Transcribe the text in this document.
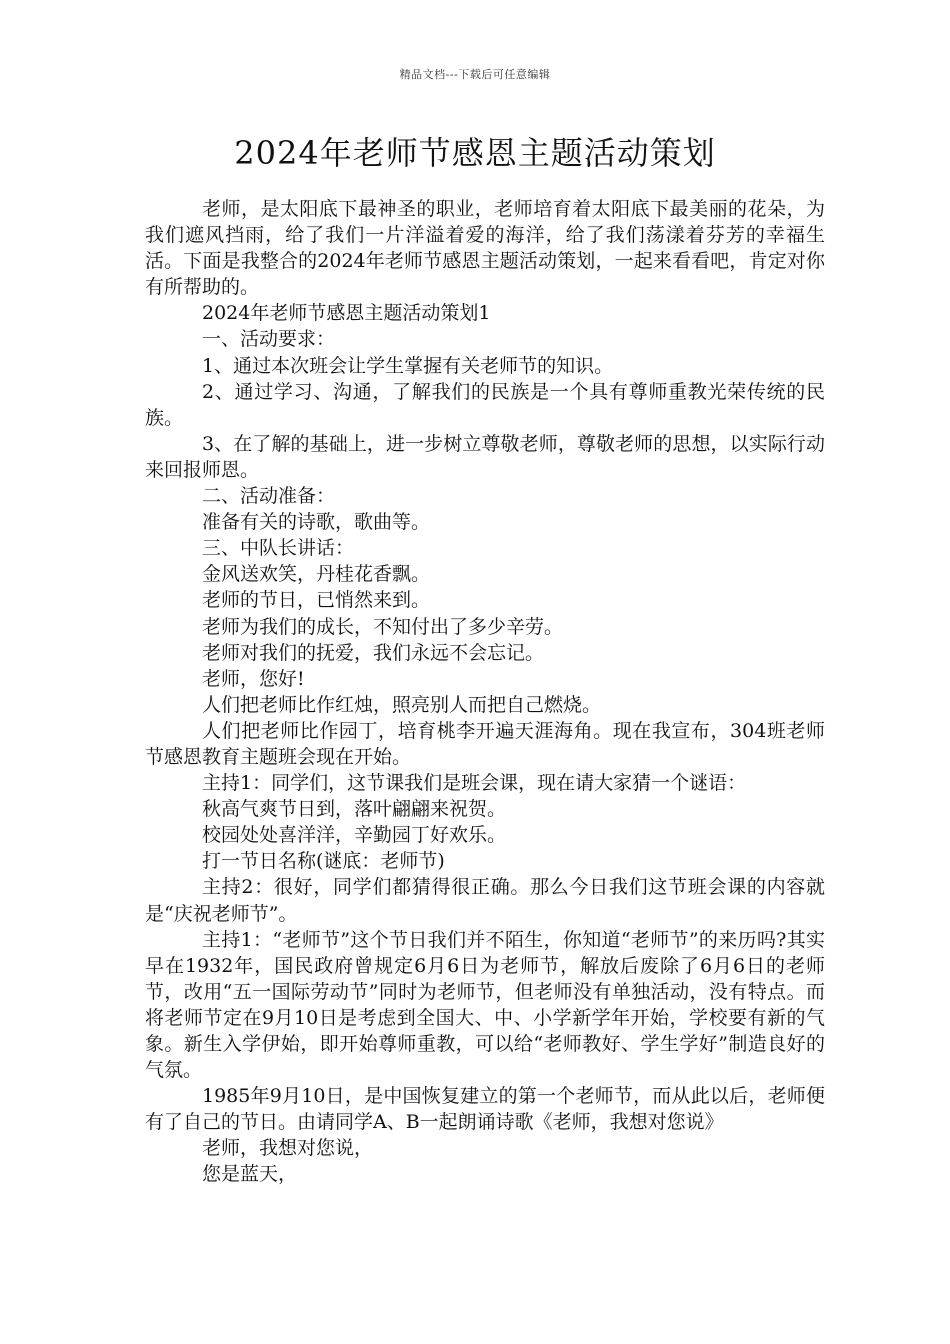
精品文档---下载后可任意编辑
2024年老师节感恩主题活动策划

老师，是太阳底下最神圣的职业，老师培育着太阳底下最美丽的花朵，为我们遮风挡雨，给了我们一片洋溢着爱的海洋，给了我们荡漾着芬芳的幸福生活。下面是我整合的2024年老师节感恩主题活动策划，一起来看看吧，肯定对你有所帮助的。

2024年老师节感恩主题活动策划1

一、活动要求：

1、通过本次班会让学生掌握有关老师节的知识。

2、通过学习、沟通，了解我们的民族是一个具有尊师重教光荣传统的民族。

3、在了解的基础上，进一步树立尊敬老师，尊敬老师的思想，以实际行动来回报师恩。

二、活动准备：

准备有关的诗歌，歌曲等。

三、中队长讲话：

金风送欢笑，丹桂花香飘。

老师的节日，已悄然来到。

老师为我们的成长，不知付出了多少辛劳。

老师对我们的抚爱，我们永远不会忘记。

老师，您好!

人们把老师比作红烛，照亮别人而把自己燃烧。

人们把老师比作园丁，培育桃李开遍天涯海角。现在我宣布，304班老师节感恩教育主题班会现在开始。

主持1：同学们，这节课我们是班会课，现在请大家猜一个谜语：

秋高气爽节日到，落叶翩翩来祝贺。

校园处处喜洋洋，辛勤园丁好欢乐。

打一节日名称(谜底：老师节)

主持2：很好，同学们都猜得很正确。那么今日我们这节班会课的内容就是“庆祝老师节”。

主持1：“老师节”这个节日我们并不陌生，你知道“老师节”的来历吗?其实早在1932年，国民政府曾规定6月6日为老师节，解放后废除了6月6日的老师节，改用“五一国际劳动节”同时为老师节，但老师没有单独活动，没有特点。而将老师节定在9月10日是考虑到全国大、中、小学新学年开始，学校要有新的气象。新生入学伊始，即开始尊师重教，可以给“老师教好、学生学好”制造良好的气氛。

1985年9月10日，是中国恢复建立的第一个老师节，而从此以后，老师便有了自己的节日。由请同学A、B一起朗诵诗歌《老师，我想对您说》

老师，我想对您说，

您是蓝天，
